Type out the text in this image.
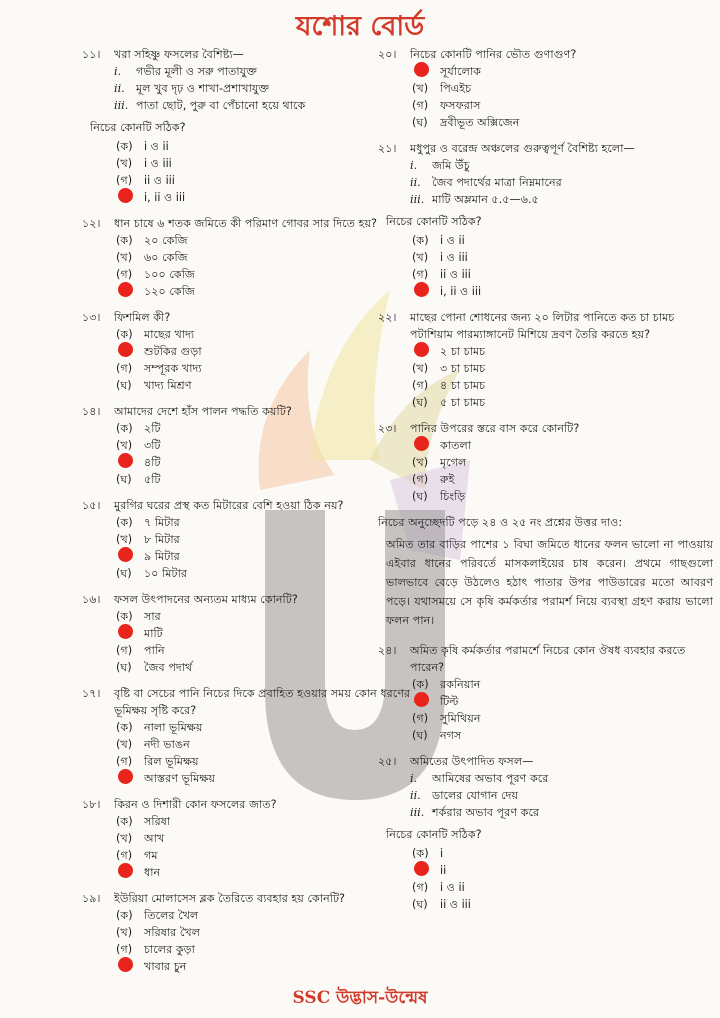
যশোর বোর্ড
১১।	খরা সহিষ্ণু ফসলের বৈশিষ্ট্য—
i.	গভীর মূলী ও সরু পাতাযুক্ত
ii.	মূল খুব দৃঢ় ও শাখা-প্রশাখাযুক্ত
iii. পাতা ছোট, পুরু বা পেঁচানো হয়ে থাকে
নিচের কোনটি সঠিক?
(ক)	i ও ii
(খ)	i ও iii
(গ)	ii ও iii
i, ii ও iii
১২।	ধান চাষে ৬ শতক জমিতে কী পরিমাণ গোবর সার দিতে হয়?
(ক)	২০ কেজি
(খ)	৬০ কেজি
(গ)	১০০ কেজি
১২০ কেজি
১৩।	ফিশমিল কী?
(ক)	মাছের খাদ্য
শুটকির গুড়া
(গ)	সম্পূরক খাদ্য
(ঘ)	খাদ্য মিশ্রণ
১৪।	আমাদের দেশে হাঁস পালন পদ্ধতি কয়টি?
(ক)	২টি
(খ)	৩টি
৪টি
(ঘ)	৫টি
১৫।	মুরগির ঘরের প্রস্থ কত মিটারের বেশি হওয়া ঠিক নয়?
(ক)	৭ মিটার
(খ)	৮ মিটার
৯ মিটার
(ঘ)	১০ মিটার
১৬।	ফসল উৎপাদনের অন্যতম মাধ্যম কোনটি?
(ক)	সার
মাটি
(গ)	পানি
(ঘ)	জৈব পদার্থ
১৭।	বৃষ্টি বা সেচের পানি নিচের দিকে প্রবাহিত হওয়ার সময় কোন ধরণের ভূমিক্ষয় সৃষ্টি করে?
(ক)	নালা ভূমিক্ষয়
(খ)	নদী ভাঙন
(গ)	রিল ভূমিক্ষয়
আস্তরণ ভূমিক্ষয়
১৮।	কিরন ও দিশারী কোন ফসলের জাত?
(ক)	সরিষা
(খ)	আখ
(গ)	গম
ধান
১৯।	ইউরিয়া মোলাসেস ব্লক তৈরিতে ব্যবহার হয় কোনটি?
(ক)	তিলের খৈল
(খ)	সরিষার খৈল
(গ)	চালের কুড়া
খাবার চুন
২০।	নিচের কোনটি পানির ভৌত গুণাগুণ?
সূর্যালোক
(খ)	পিএইচ
(গ)	ফসফরাস
(ঘ)	দ্রবীভূত অক্সিজেন
২১।	মধুপুর ও বরেন্দ্র অঞ্চলের গুরুত্বপূর্ণ বৈশিষ্ট্য হলো—
i.	জমি উঁচু
ii.	জৈব পদার্থের মাত্রা নিম্নমানের
iii. মাটি অম্লমান ৫.৫—৬.৫
নিচের কোনটি সঠিক?
(ক)	i ও ii
(খ)	i ও iii
(গ)	ii ও iii
i, ii ও iii
২২।	মাছের পোনা শোধনের জন্য ২০ লিটার পানিতে কত চা চামচ পটাশিয়াম পারম্যাঙ্গানেট মিশিয়ে দ্রবণ তৈরি করতে হয়?
২ চা চামচ
(খ)	৩ চা চামচ
(গ)	৪ চা চামচ
(ঘ)	৫ চা চামচ
২৩।	পানির উপরের স্তরে বাস করে কোনটি?
কাতলা
(খ)	মৃগেল
(গ)	রুই
(ঘ)	চিংড়ি
নিচের অনুচ্ছেদটি পড়ে ২৪ ও ২৫ নং প্রশ্নের উত্তর দাও:
অমিত তার বাড়ির পাশের ১ বিঘা জমিতে ধানের ফলন ভালো না পাওয়ায় এইবার ধানের পরিবর্তে মাসকলাইয়ের চাষ করেন। প্রথমে গাছগুলো ভালভাবে বেড়ে উঠলেও হঠাৎ পাতার উপর পাউডারের মতো আবরণ পড়ে। যথাসময়ে সে কৃষি কর্মকর্তার পরামর্শ নিয়ে ব্যবস্থা গ্রহণ করায় ভালো ফলন পান।
২৪।	অমিত কৃষি কর্মকর্তার পরামর্শে নিচের কোন ঔষধ ব্যবহার করতে পারেন?
(ক)	রকনিয়ান
টিল্ট
(গ)	সুমিথিয়ন
(ঘ)	নগস
২৫।	অমিতের উৎপাদিত ফসল—
i.	আমিষের অভাব পূরণ করে
ii.	ডালের যোগান দেয়
iii. শর্করার অভাব পূরণ করে
নিচের কোনটি সঠিক?
(ক)	i
ii
(গ)	i ও ii
(ঘ)	ii ও iii
SSC উদ্ভাস-উন্মেষ
